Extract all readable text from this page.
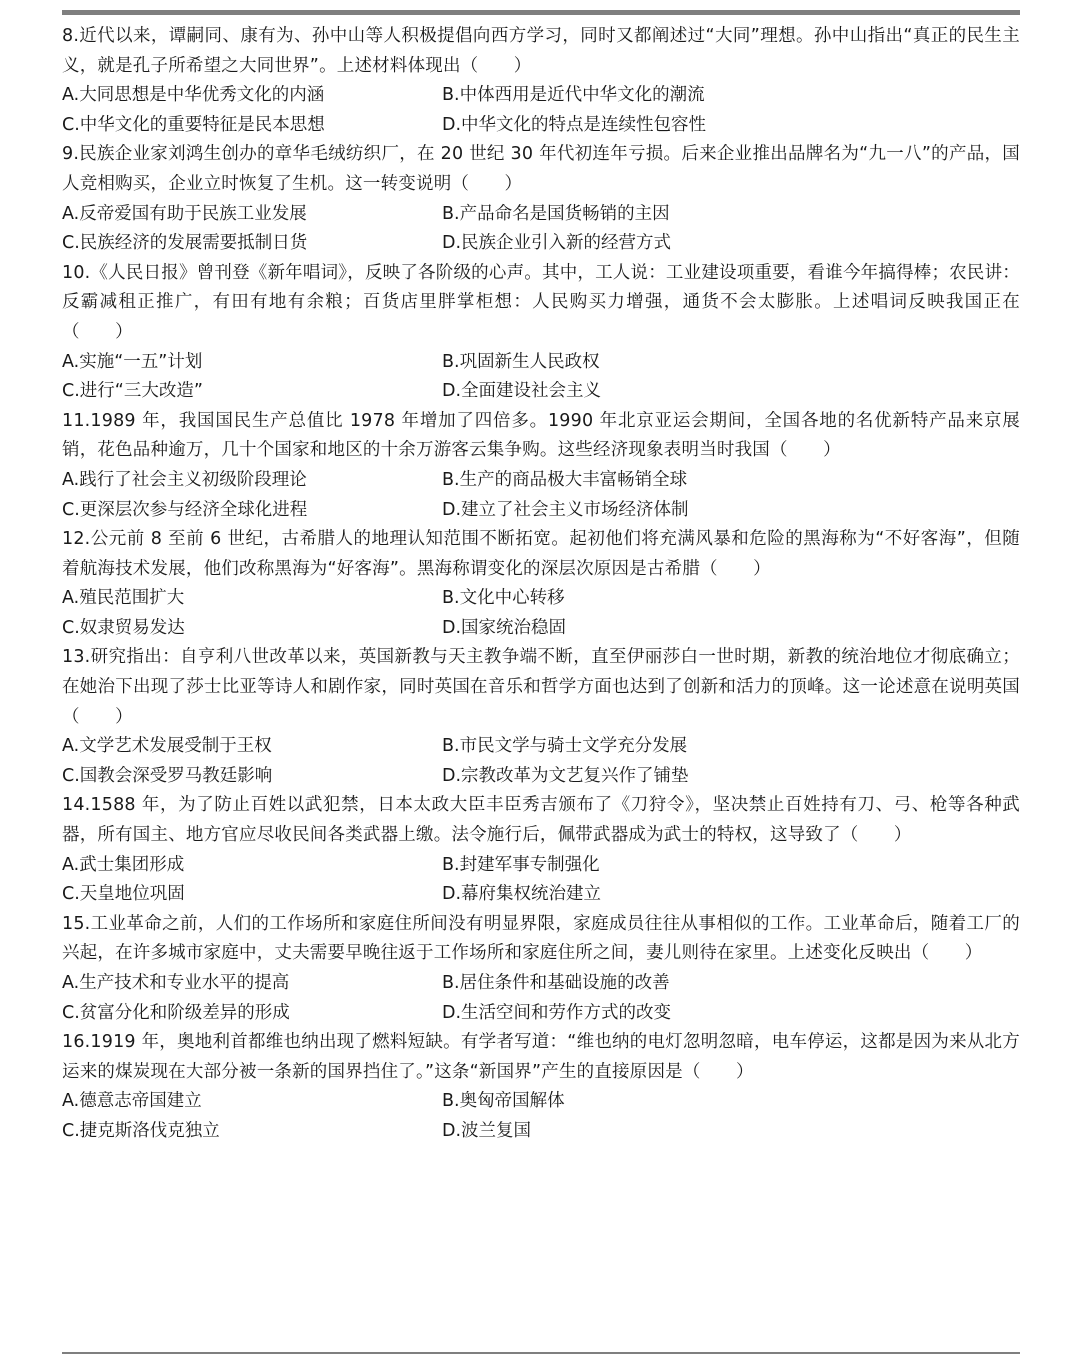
8.近代以来，谭嗣同、康有为、孙中山等人积极提倡向西方学习，同时又都阐述过“大同”理想。孙中山指出“真正的民生主义，就是孔子所希望之大同世界”。上述材料体现出（　　）

A.大同思想是中华优秀文化的内涵	B.中体西用是近代中华文化的潮流
C.中华文化的重要特征是民本思想	D.中华文化的特点是连续性包容性

9.民族企业家刘鸿生创办的章华毛绒纺织厂，在 20 世纪 30 年代初连年亏损。后来企业推出品牌名为“九一八”的产品，国人竞相购买，企业立时恢复了生机。这一转变说明（　　）

A.反帝爱国有助于民族工业发展	B.产品命名是国货畅销的主因
C.民族经济的发展需要抵制日货	D.民族企业引入新的经营方式

10.《人民日报》曾刊登《新年唱词》，反映了各阶级的心声。其中，工人说：工业建设项重要，看谁今年搞得棒；农民讲：反霸减租正推广，有田有地有余粮；百货店里胖掌柜想：人民购买力增强，通货不会太膨胀。上述唱词反映我国正在（　　）

A.实施“一五”计划	B.巩固新生人民政权
C.进行“三大改造”	D.全面建设社会主义

11.1989 年，我国国民生产总值比 1978 年增加了四倍多。1990 年北京亚运会期间，全国各地的名优新特产品来京展销，花色品种逾万，几十个国家和地区的十余万游客云集争购。这些经济现象表明当时我国（　　）

A.践行了社会主义初级阶段理论	B.生产的商品极大丰富畅销全球
C.更深层次参与经济全球化进程	D.建立了社会主义市场经济体制

12.公元前 8 至前 6 世纪，古希腊人的地理认知范围不断拓宽。起初他们将充满风暴和危险的黑海称为“不好客海”，但随着航海技术发展，他们改称黑海为“好客海”。黑海称谓变化的深层次原因是古希腊（　　）

A.殖民范围扩大	B.文化中心转移
C.奴隶贸易发达	D.国家统治稳固

13.研究指出：自亨利八世改革以来，英国新教与天主教争端不断，直至伊丽莎白一世时期，新教的统治地位才彻底确立；在她治下出现了莎士比亚等诗人和剧作家，同时英国在音乐和哲学方面也达到了创新和活力的顶峰。这一论述意在说明英国（　　）

A.文学艺术发展受制于王权	B.市民文学与骑士文学充分发展
C.国教会深受罗马教廷影响	D.宗教改革为文艺复兴作了铺垫

14.1588 年，为了防止百姓以武犯禁，日本太政大臣丰臣秀吉颁布了《刀狩令》，坚决禁止百姓持有刀、弓、枪等各种武器，所有国主、地方官应尽收民间各类武器上缴。法令施行后，佩带武器成为武士的特权，这导致了（　　）

A.武士集团形成	B.封建军事专制强化
C.天皇地位巩固	D.幕府集权统治建立

15.工业革命之前，人们的工作场所和家庭住所间没有明显界限，家庭成员往往从事相似的工作。工业革命后，随着工厂的兴起，在许多城市家庭中，丈夫需要早晚往返于工作场所和家庭住所之间，妻儿则待在家里。上述变化反映出（　　）

A.生产技术和专业水平的提高	B.居住条件和基础设施的改善
C.贫富分化和阶级差异的形成	D.生活空间和劳作方式的改变

16.1919 年，奥地利首都维也纳出现了燃料短缺。有学者写道：“维也纳的电灯忽明忽暗，电车停运，这都是因为来从北方运来的煤炭现在大部分被一条新的国界挡住了。”这条“新国界”产生的直接原因是（　　）

A.德意志帝国建立	B.奥匈帝国解体
C.捷克斯洛伐克独立	D.波兰复国
